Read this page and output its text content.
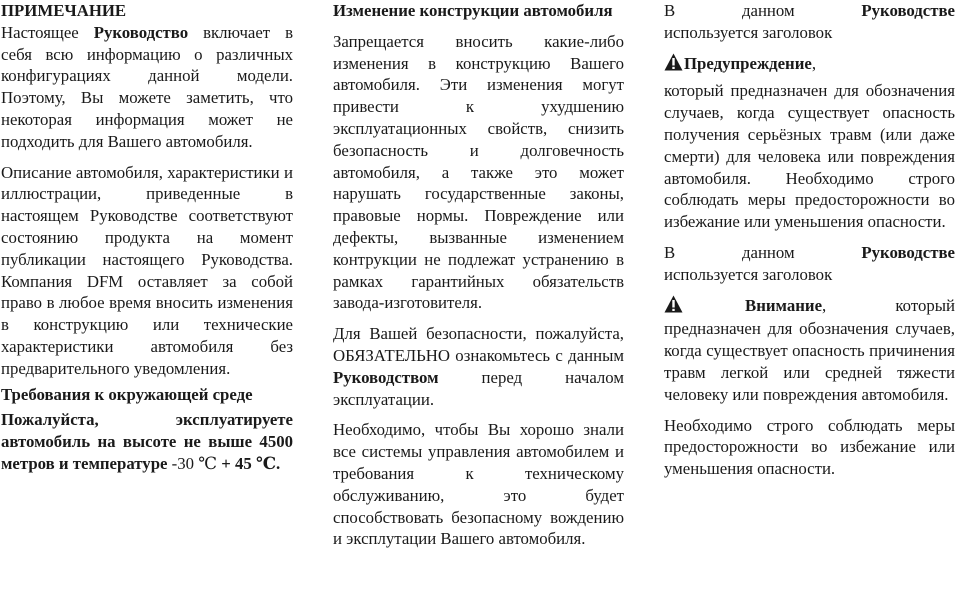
ПРИМЕЧАНИЕ

Настоящее Руководство включает в себя всю информацию о различных конфигурациях данной модели. Поэтому, Вы можете заметить, что некоторая информация может не подходить для Вашего автомобиля.

Описание автомобиля, характеристики и иллюстрации, приведенные в настоящем Руководстве соответствуют состоянию продукта на момент публикации настоящего Руководства. Компания DFM оставляет за собой право в любое время вносить изменения в конструкцию или технические характеристики автомобиля без предварительного уведомления.

Требования к окружающей среде

Пожалуйста, эксплуатируете автомобиль на высоте не выше 4500 метров и температуре -30 ℃ + 45 ℃.

Изменение конструкции автомобиля

Запрещается вносить какие-либо изменения в конструкцию Вашего автомобиля. Эти изменения могут привести к ухудшению эксплуатационных свойств, снизить безопасность и долговечность автомобиля, а также это может нарушать государственные законы, правовые нормы. Повреждение или дефекты, вызванные изменением контрукции не подлежат устранению в рамках гарантийных обязательств завода-изготовителя.

Для Вашей безопасности, пожалуйста, ОБЯЗАТЕЛЬНО ознакомьтесь с данным Руководством перед началом эксплуатации.

Необходимо, чтобы Вы хорошо знали все системы управления автомобилем и требования к техническому обслуживанию, это будет способствовать безопасному вождению и эксплутации Вашего автомобиля.

В данном Руководстве

используется заголовок

Предупреждение,

который предназначен для обозначения случаев, когда существует опасность получения серьёзных травм (или даже смерти) для человека или повреждения автомобиля. Необходимо строго соблюдать меры предосторожности во избежание или уменьшения опасности.

В данном Руководстве

используется заголовок

Внимание, который предназначен для обозначения случаев, когда существует опасность причинения травм легкой или средней тяжести человеку или повреждения автомобиля.

Необходимо строго соблюдать меры предосторожности во избежание или уменьшения опасности.
